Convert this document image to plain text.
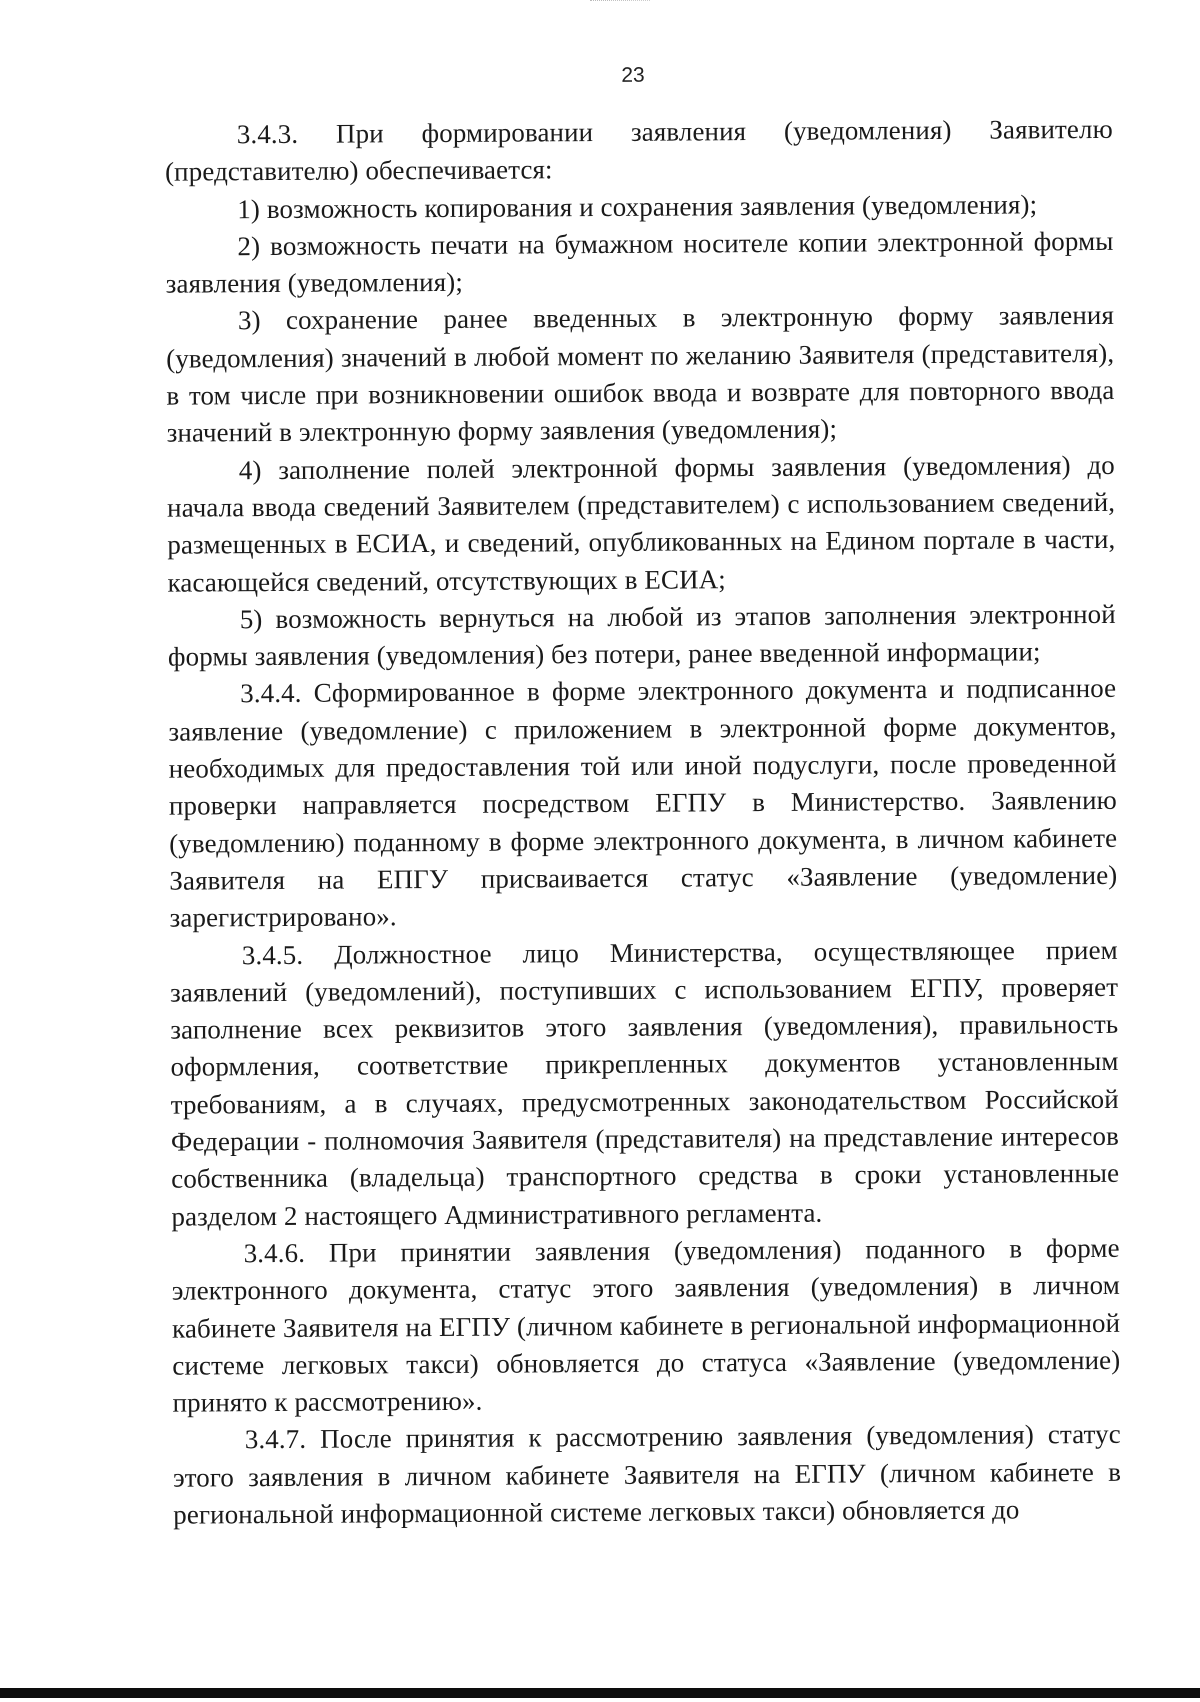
23

3.4.3. При формировании заявления (уведомления) Заявителю (представителю) обеспечивается:

1) возможность копирования и сохранения заявления (уведомления);

2) возможность печати на бумажном носителе копии электронной формы заявления (уведомления);

3) сохранение ранее введенных в электронную форму заявления (уведомления) значений в любой момент по желанию Заявителя (представителя), в том числе при возникновении ошибок ввода и возврате для повторного ввода значений в электронную форму заявления (уведомления);

4) заполнение полей электронной формы заявления (уведомления) до начала ввода сведений Заявителем (представителем) с использованием сведений, размещенных в ЕСИА, и сведений, опубликованных на Едином портале в части, касающейся сведений, отсутствующих в ЕСИА;

5) возможность вернуться на любой из этапов заполнения электронной формы заявления (уведомления) без потери, ранее введенной информации;

3.4.4. Сформированное в форме электронного документа и подписанное заявление (уведомление) с приложением в электронной форме документов, необходимых для предоставления той или иной подуслуги, после проведенной проверки направляется посредством ЕГПУ в Министерство. Заявлению (уведомлению) поданному в форме электронного документа, в личном кабинете Заявителя на ЕПГУ присваивается статус «Заявление (уведомление) зарегистрировано».

3.4.5. Должностное лицо Министерства, осуществляющее прием заявлений (уведомлений), поступивших с использованием ЕГПУ, проверяет заполнение всех реквизитов этого заявления (уведомления), правильность оформления, соответствие прикрепленных документов установленным требованиям, а в случаях, предусмотренных законодательством Российской Федерации - полномочия Заявителя (представителя) на представление интересов собственника (владельца) транспортного средства в сроки установленные разделом 2 настоящего Административного регламента.

3.4.6. При принятии заявления (уведомления) поданного в форме электронного документа, статус этого заявления (уведомления) в личном кабинете Заявителя на ЕГПУ (личном кабинете в региональной информационной системе легковых такси) обновляется до статуса «Заявление (уведомление) принято к рассмотрению».

3.4.7. После принятия к рассмотрению заявления (уведомления) статус этого заявления в личном кабинете Заявителя на ЕГПУ (личном кабинете в региональной информационной системе легковых такси) обновляется до
